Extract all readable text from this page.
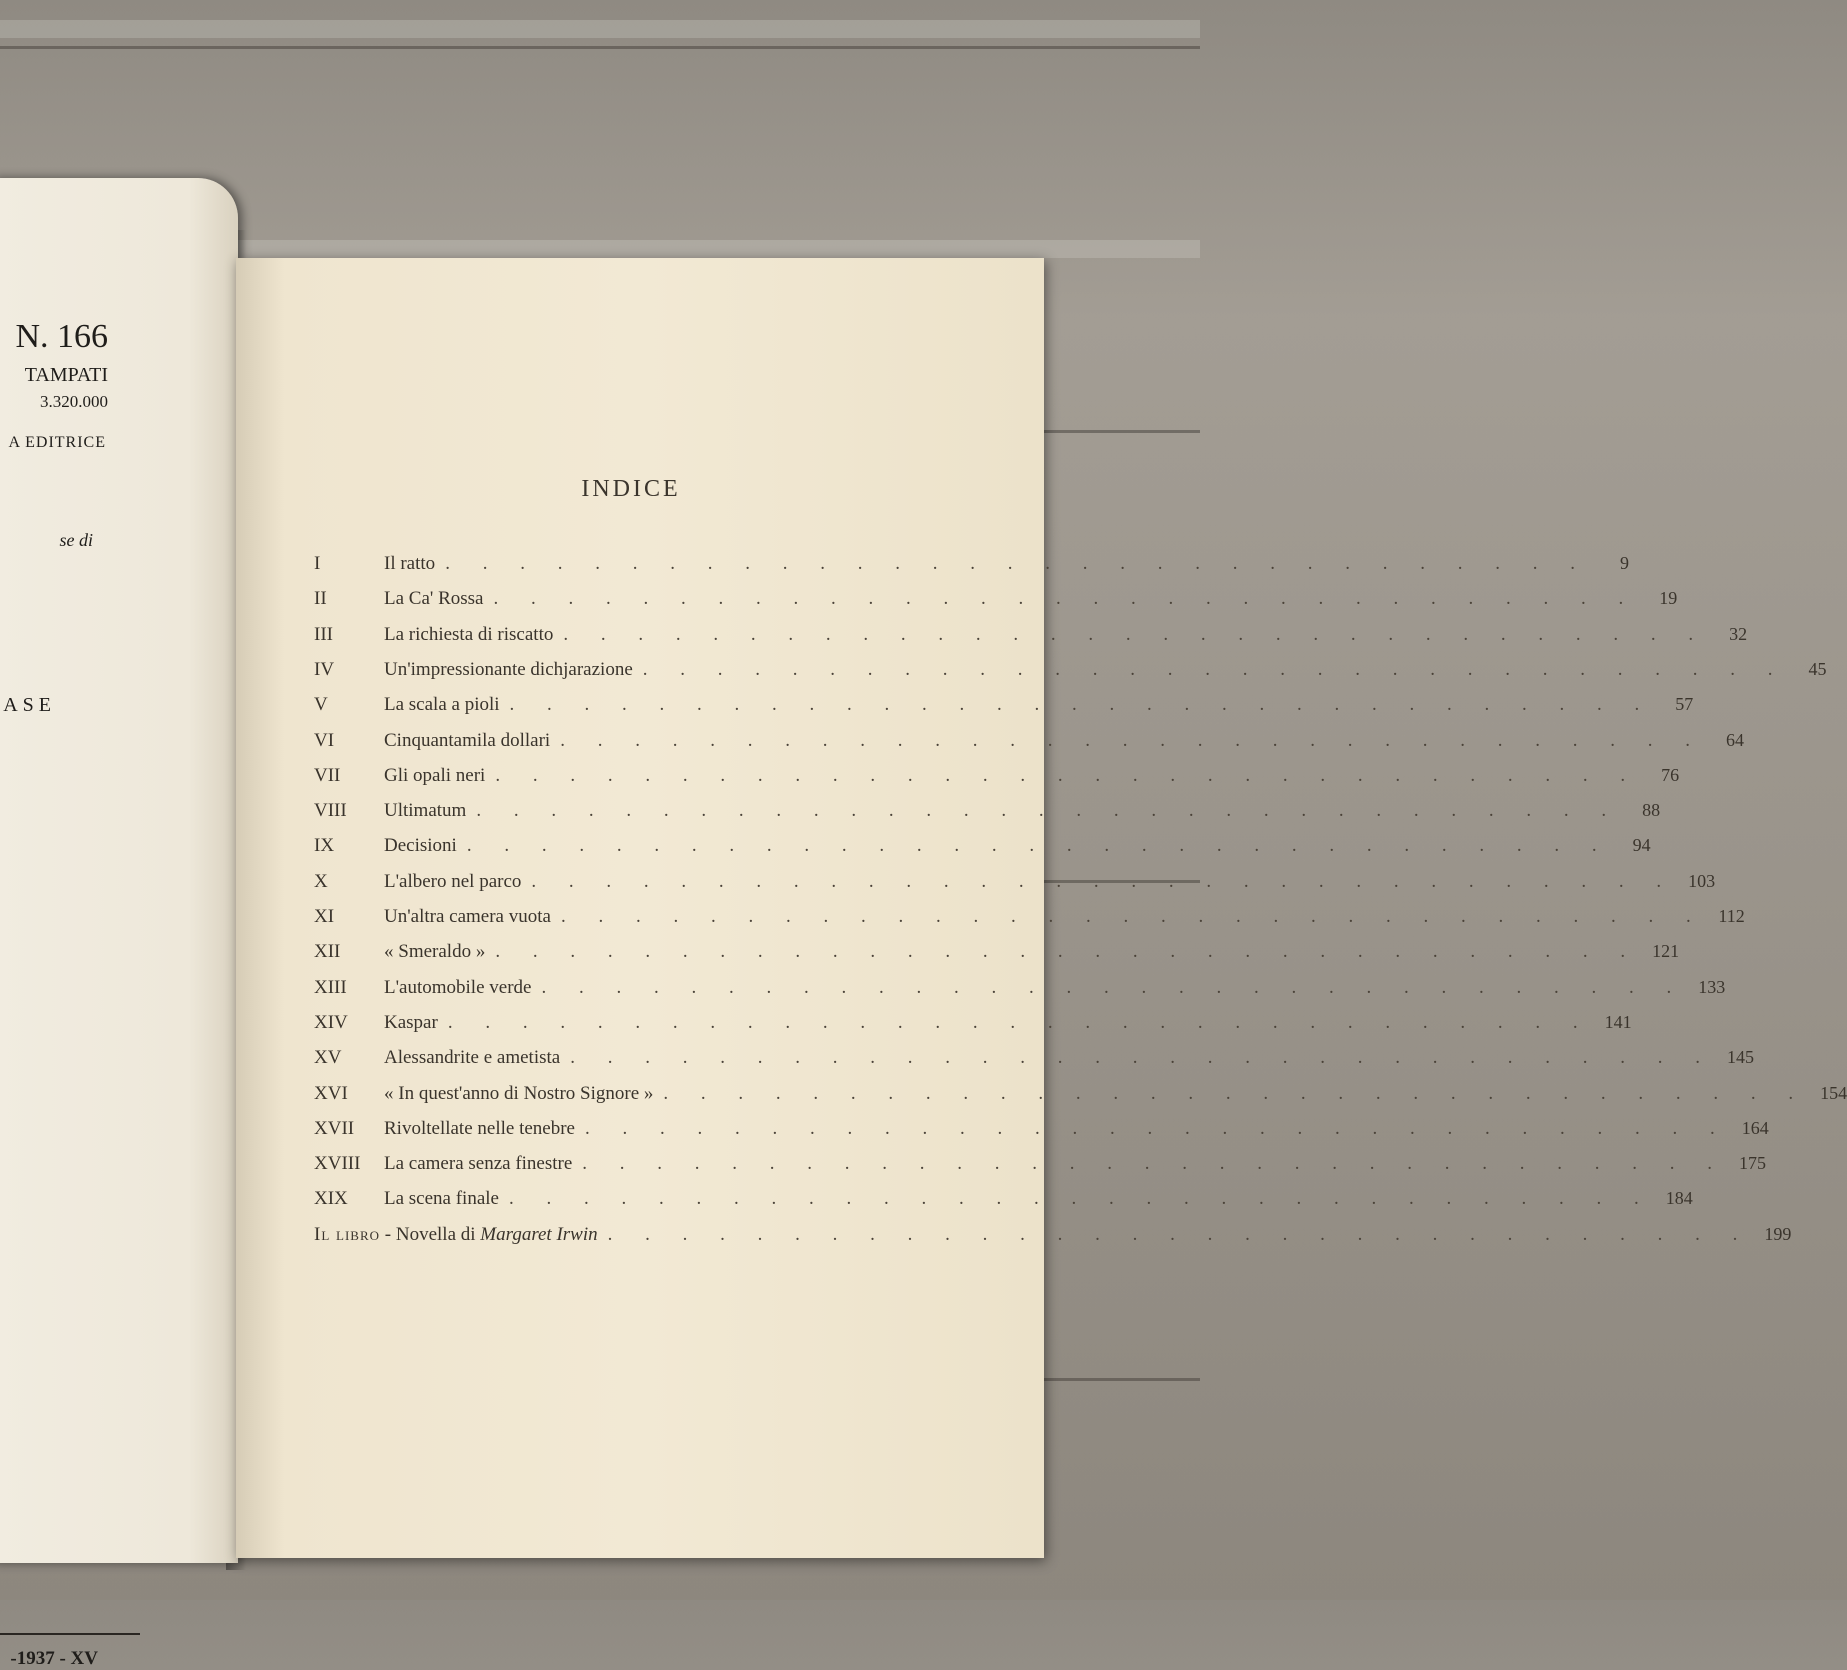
N. 166
TAMPATI
3.320.000
A EDITRICE
se di
ASE
-1937 - XV
INDICE
I	Il ratto . . . . . . . . . . . . . . . . . . . . . . . . . . . . . . .	9
II	La Ca' Rossa . . . . . . . . . . . . . . . . . . . . . . . . . . . . . . .	19
III	La richiesta di riscatto . . . . . . . . . . . . . . . . . . . . . . . . . . . . . . .	32
IV	Un'impressionante dichjarazione . . . . . . . . . . . . . . . . . . . . . . . . . . . . . . .	45
V	La scala a pioli . . . . . . . . . . . . . . . . . . . . . . . . . . . . . . .	57
VI	Cinquantamila dollari . . . . . . . . . . . . . . . . . . . . . . . . . . . . . . .	64
VII	Gli opali neri . . . . . . . . . . . . . . . . . . . . . . . . . . . . . . .	76
VIII	Ultimatum . . . . . . . . . . . . . . . . . . . . . . . . . . . . . . .	88
IX	Decisioni . . . . . . . . . . . . . . . . . . . . . . . . . . . . . . .	94
X	L'albero nel parco . . . . . . . . . . . . . . . . . . . . . . . . . . . . . . . 103
XI	Un'altra camera vuota . . . . . . . . . . . . . . . . . . . . . . . . . . . . . . . 112
XII	« Smeraldo » . . . . . . . . . . . . . . . . . . . . . . . . . . . . . . . 121
XIII	L'automobile verde . . . . . . . . . . . . . . . . . . . . . . . . . . . . . . . 133
XIV	Kaspar . . . . . . . . . . . . . . . . . . . . . . . . . . . . . . . 141
XV	Alessandrite e ametista . . . . . . . . . . . . . . . . . . . . . . . . . . . . . . . 145
XVI	« In quest'anno di Nostro Signore » . . . . . . . . . . . . . . . . . . . . . . . . . . . . . . . 154
XVII	Rivoltellate nelle tenebre . . . . . . . . . . . . . . . . . . . . . . . . . . . . . . . 164
XVIII	La camera senza finestre . . . . . . . . . . . . . . . . . . . . . . . . . . . . . . . 175
XIX	La scena finale . . . . . . . . . . . . . . . . . . . . . . . . . . . . . . . 184
Il libro - Novella di Margaret Irwin . . . . . . . . . . . . . . . . . . . . . . . . . . . . . . . 199
